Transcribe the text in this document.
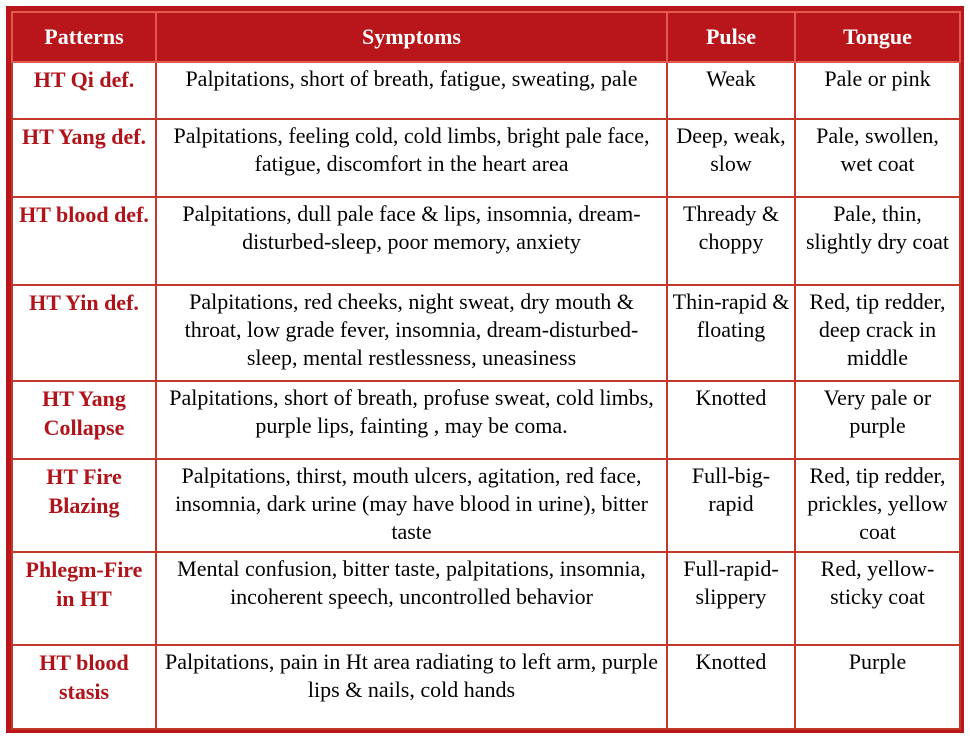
Patterns	Symptoms	Pulse	Tongue
HT Qi def.	Palpitations, short of breath, fatigue, sweating, pale	Weak	Pale or pink
HT Yang def.	Palpitations, feeling cold, cold limbs, bright pale face, fatigue, discomfort in the heart area	Deep, weak, slow	Pale, swollen, wet coat
HT blood def.	Palpitations, dull pale face & lips, insomnia, dream-disturbed-sleep, poor memory, anxiety	Thready & choppy	Pale, thin, slightly dry coat
HT Yin def.	Palpitations, red cheeks, night sweat, dry mouth & throat, low grade fever, insomnia, dream-disturbed-sleep, mental restlessness, uneasiness	Thin-rapid & floating	Red, tip redder, deep crack in middle
HT Yang Collapse	Palpitations, short of breath, profuse sweat, cold limbs, purple lips, fainting , may be coma.	Knotted	Very pale or purple
HT Fire Blazing	Palpitations, thirst, mouth ulcers, agitation, red face, insomnia, dark urine (may have blood in urine), bitter taste	Full-big-rapid	Red, tip redder, prickles, yellow coat
Phlegm-Fire in HT	Mental confusion, bitter taste, palpitations, insomnia, incoherent speech, uncontrolled behavior	Full-rapid-slippery	Red, yellow-sticky coat
HT blood stasis	Palpitations, pain in Ht area radiating to left arm, purple lips & nails, cold hands	Knotted	Purple
